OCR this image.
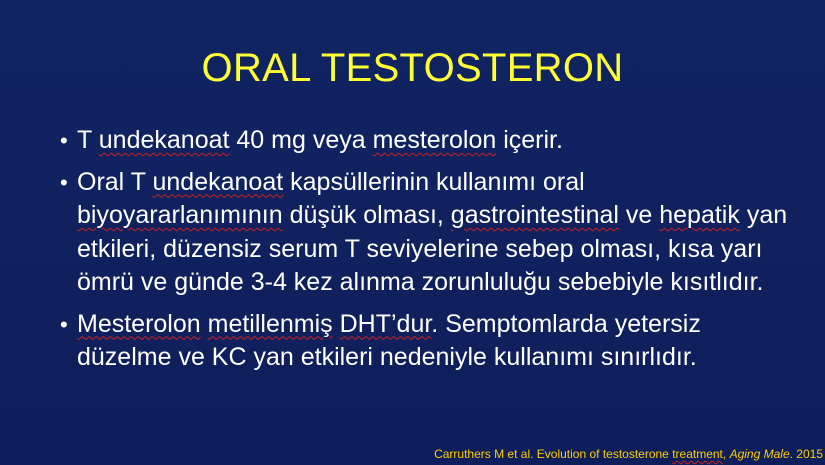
ORAL TESTOSTERON
• T undekanoat 40 mg veya mesterolon içerir.
• Oral T undekanoat kapsüllerinin kullanımı oral biyoyararlanımının düşük olması, gastrointestinal ve hepatik yan etkileri, düzensiz serum T seviyelerine sebep olması, kısa yarı ömrü ve günde 3-4 kez alınma zorunluluğu sebebiyle kısıtlıdır.
• Mesterolon metillenmiş DHT’dur. Semptomlarda yetersiz düzelme ve KC yan etkileri nedeniyle kullanımı sınırlıdır.
Carruthers M et al. Evolution of testosterone treatment, Aging Male. 2015
